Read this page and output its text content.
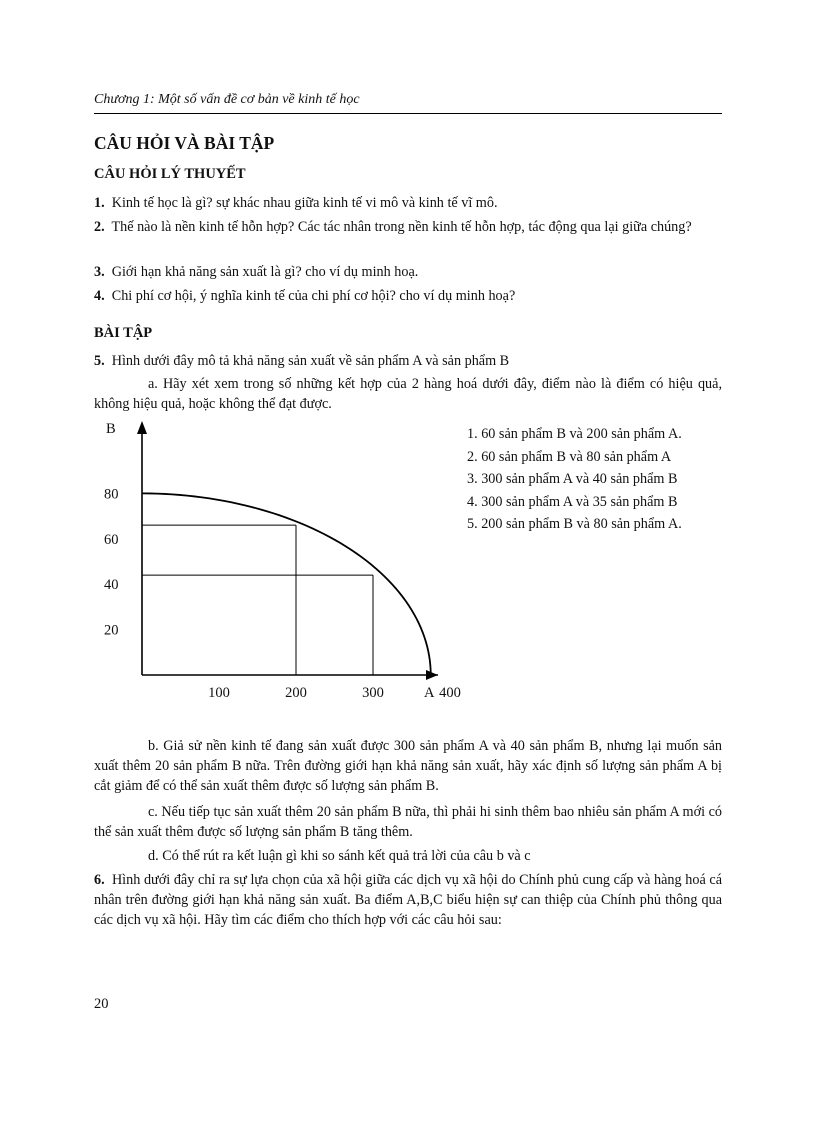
Chương 1: Một số vấn đề cơ bản về kinh tế học
CÂU HỎI VÀ BÀI TẬP
CÂU HỎI LÝ THUYẾT
1. Kinh tế học là gì? sự khác nhau giữa kinh tế vi mô và kinh tế vĩ mô.
2. Thế nào là nền kinh tế hỗn hợp? Các tác nhân trong nền kinh tế hỗn hợp, tác động qua lại giữa chúng?
3. Giới hạn khả năng sản xuất là gì? cho ví dụ minh hoạ.
4. Chi phí cơ hội, ý nghĩa kinh tế của chi phí cơ hội? cho ví dụ minh hoạ?
BÀI TẬP
5. Hình dưới đây mô tả khả năng sản xuất về sản phẩm A và sản phẩm B
a. Hãy xét xem trong số những kết hợp của 2 hàng hoá dưới đây, điểm nào là điểm có hiệu quả, không hiệu quả, hoặc không thể đạt được.
B
A
100	200	300	400
20
40
60
80
1. 60 sản phẩm B và 200 sản phẩm A.
2. 60 sản phẩm B và 80 sản phẩm A
3. 300 sản phẩm A và 40 sản phẩm B
4. 300 sản phẩm A và 35 sản phẩm B
5. 200 sản phẩm B và 80 sản phẩm A.
b. Giả sử nền kinh tế đang sản xuất được 300 sản phẩm A và 40 sản phẩm B, nhưng lại muốn sản xuất thêm 20 sản phẩm B nữa. Trên đường giới hạn khả năng sản xuất, hãy xác định số lượng sản phẩm A bị cắt giảm để có thể sản xuất thêm được số lượng sản phẩm B.
c. Nếu tiếp tục sản xuất thêm 20 sản phẩm B nữa, thì phải hi sinh thêm bao nhiêu sản phẩm A mới có thể sản xuất thêm được số lượng sản phẩm B tăng thêm.
d. Có thể rút ra kết luận gì khi so sánh kết quả trả lời của câu b và c
6. Hình dưới đây chỉ ra sự lựa chọn của xã hội giữa các dịch vụ xã hội do Chính phủ cung cấp và hàng hoá cá nhân trên đường giới hạn khả năng sản xuất. Ba điểm A,B,C biểu hiện sự can thiệp của Chính phủ thông qua các dịch vụ xã hội. Hãy tìm các điểm cho thích hợp với các câu hỏi sau:
20
